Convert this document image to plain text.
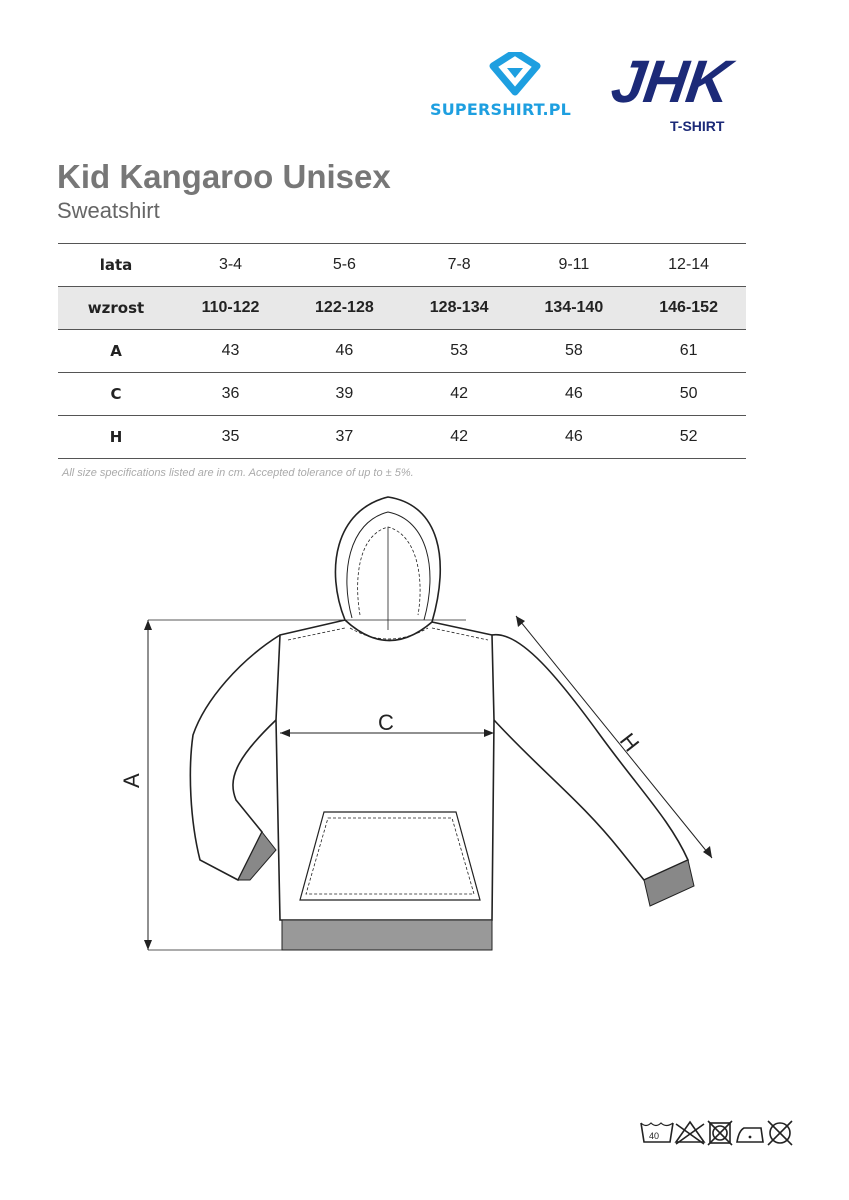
SUPERSHIRT.PL JHK
T-SHIRT
Kid Kangaroo Unisex
Sweatshirt
lata	3-4	5-6	7-8	9-11	12-14
wzrost	110-122	122-128	128-134	134-140	146-152
A	43	46	53	58	61
C	36	39	42	46	50
H	35	37	42	46	52
All size specifications listed are in cm. Accepted tolerance of up to ± 5%.
A
C
H
40
